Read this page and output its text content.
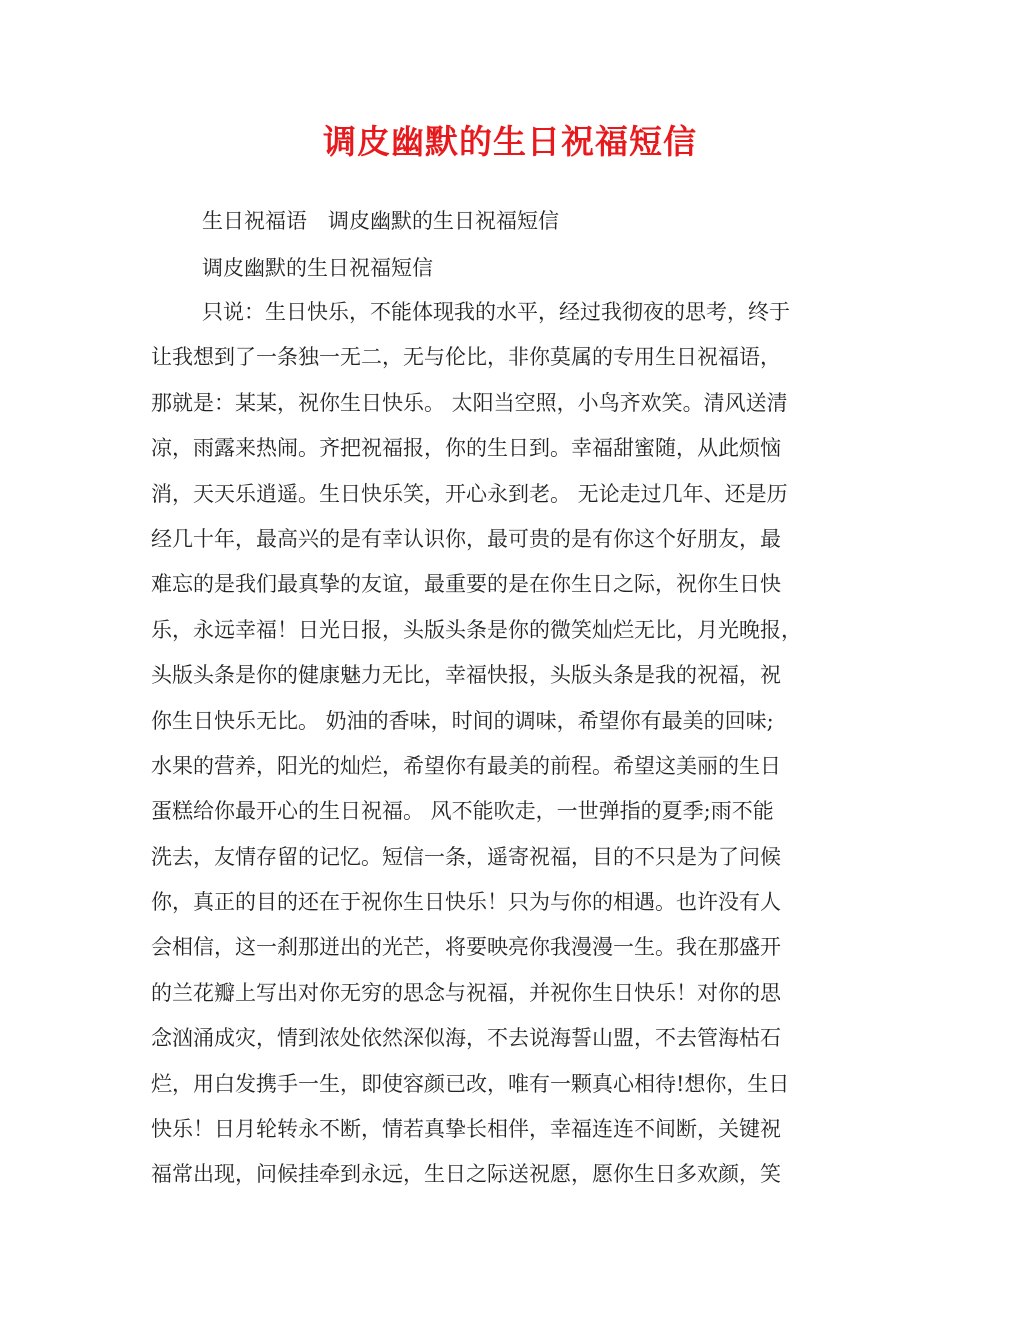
调皮幽默的生日祝福短信
生日祝福语　调皮幽默的生日祝福短信
调皮幽默的生日祝福短信
只说：生日快乐，不能体现我的水平，经过我彻夜的思考，终于
让我想到了一条独一无二，无与伦比，非你莫属的专用生日祝福语，
那就是：某某，祝你生日快乐。 太阳当空照，小鸟齐欢笑。清风送清
凉，雨露来热闹。齐把祝福报，你的生日到。幸福甜蜜随，从此烦恼
消，天天乐逍遥。生日快乐笑，开心永到老。 无论走过几年、还是历
经几十年，最高兴的是有幸认识你，最可贵的是有你这个好朋友，最
难忘的是我们最真挚的友谊，最重要的是在你生日之际，祝你生日快
乐，永远幸福！日光日报，头版头条是你的微笑灿烂无比，月光晚报，
头版头条是你的健康魅力无比，幸福快报，头版头条是我的祝福，祝
你生日快乐无比。 奶油的香味，时间的调味，希望你有最美的回味;
水果的营养，阳光的灿烂，希望你有最美的前程。希望这美丽的生日
蛋糕给你最开心的生日祝福。 风不能吹走，一世弹指的夏季;雨不能
洗去，友情存留的记忆。短信一条，遥寄祝福，目的不只是为了问候
你，真正的目的还在于祝你生日快乐！只为与你的相遇。也许没有人
会相信，这一刹那迸出的光芒，将要映亮你我漫漫一生。我在那盛开
的兰花瓣上写出对你无穷的思念与祝福，并祝你生日快乐！对你的思
念汹涌成灾，情到浓处依然深似海，不去说海誓山盟，不去管海枯石
烂，用白发携手一生，即使容颜已改，唯有一颗真心相待!想你，生日
快乐！日月轮转永不断，情若真挚长相伴，幸福连连不间断，关键祝
福常出现，问候挂牵到永远，生日之际送祝愿，愿你生日多欢颜，笑
